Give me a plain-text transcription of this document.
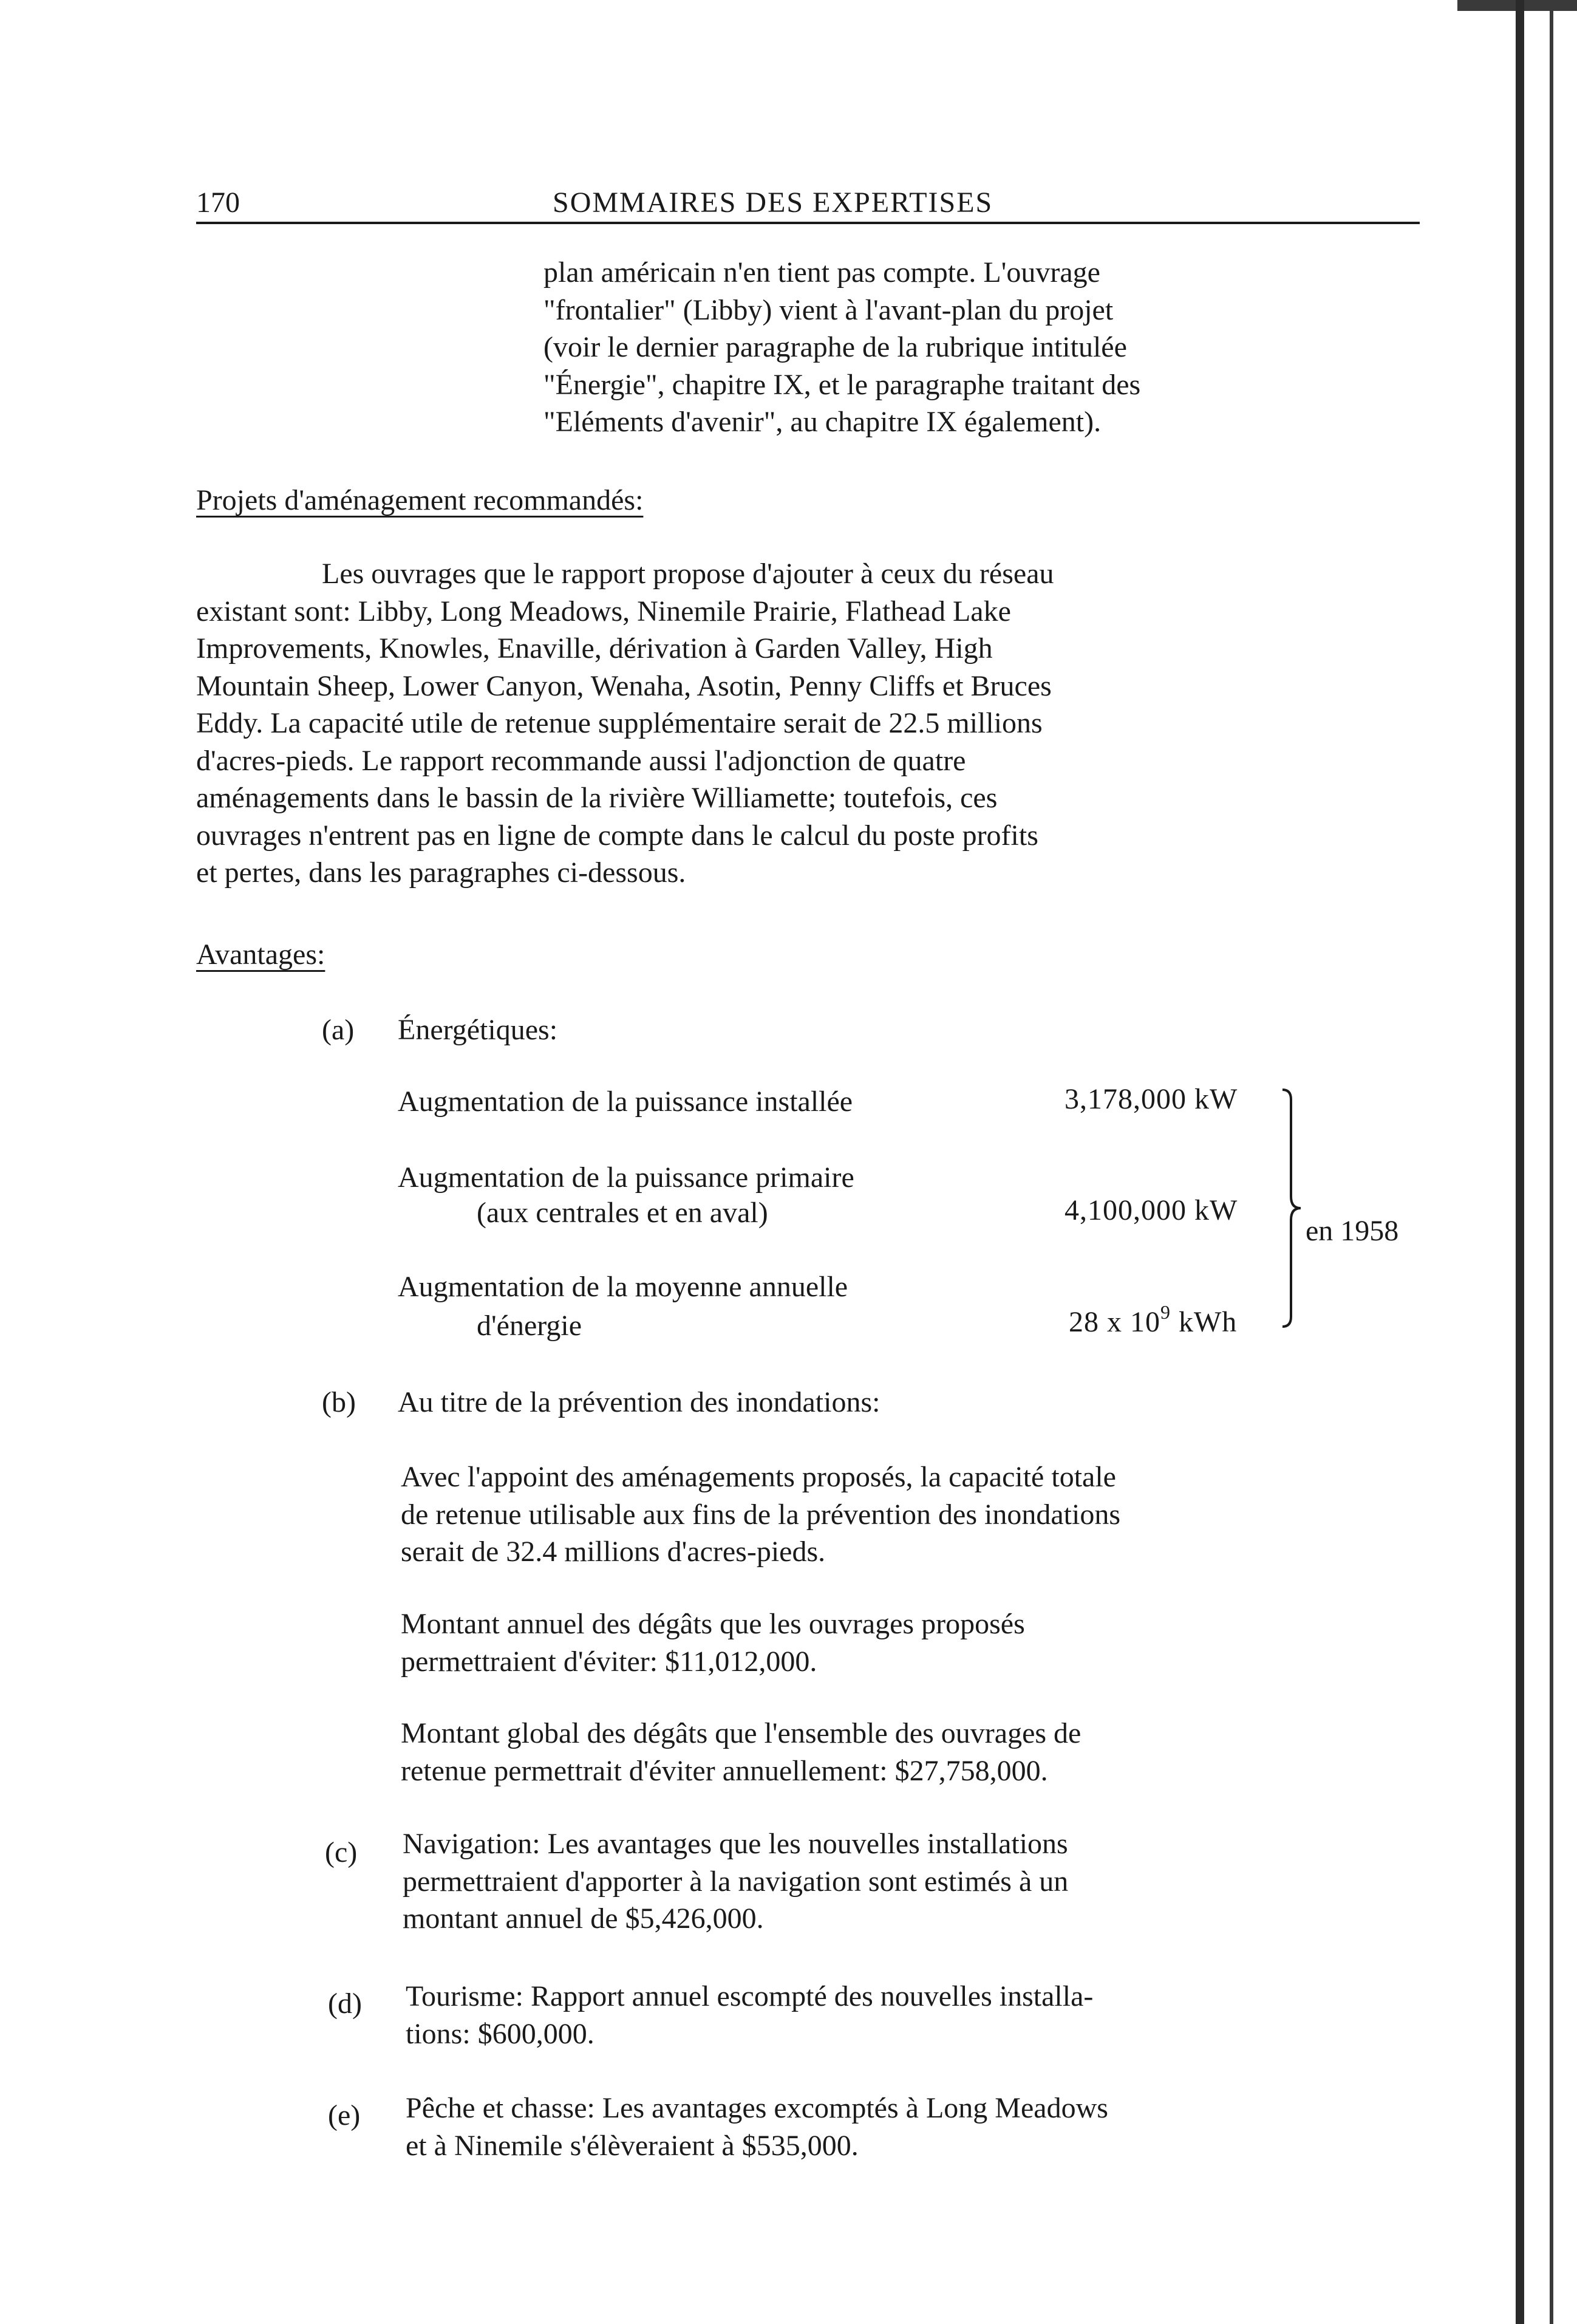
170	SOMMAIRES DES EXPERTISES
plan américain n'en tient pas compte. L'ouvrage
"frontalier" (Libby) vient à l'avant-plan du projet
(voir le dernier paragraphe de la rubrique intitulée
"Énergie", chapitre IX, et le paragraphe traitant des
"Eléments d'avenir", au chapitre IX également).
Projets d'aménagement recommandés:
Les ouvrages que le rapport propose d'ajouter à ceux du réseau
existant sont: Libby, Long Meadows, Ninemile Prairie, Flathead Lake
Improvements, Knowles, Enaville, dérivation à Garden Valley, High
Mountain Sheep, Lower Canyon, Wenaha, Asotin, Penny Cliffs et Bruces
Eddy. La capacité utile de retenue supplémentaire serait de 22.5 millions
d'acres-pieds. Le rapport recommande aussi l'adjonction de quatre
aménagements dans le bassin de la rivière Williamette; toutefois, ces
ouvrages n'entrent pas en ligne de compte dans le calcul du poste profits
et pertes, dans les paragraphes ci-dessous.
Avantages:
(a) Énergétiques:
Augmentation de la puissance installée	3,178,000 kW
Augmentation de la puissance primaire
(aux centrales et en aval)	4,100,000 kW
Augmentation de la moyenne annuelle
d'énergie	28 x $10^9$ kWh
en 1958
(b) Au titre de la prévention des inondations:
Avec l'appoint des aménagements proposés, la capacité totale
de retenue utilisable aux fins de la prévention des inondations
serait de 32.4 millions d'acres-pieds.
Montant annuel des dégâts que les ouvrages proposés
permettraient d'éviter: $11,012,000.
Montant global des dégâts que l'ensemble des ouvrages de
retenue permettrait d'éviter annuellement: $27,758,000.
(c) Navigation: Les avantages que les nouvelles installations
permettraient d'apporter à la navigation sont estimés à un
montant annuel de $5,426,000.
(d) Tourisme: Rapport annuel escompté des nouvelles installa-
tions: $600,000.
(e) Pêche et chasse: Les avantages excomptés à Long Meadows
et à Ninemile s'élèveraient à $535,000.
